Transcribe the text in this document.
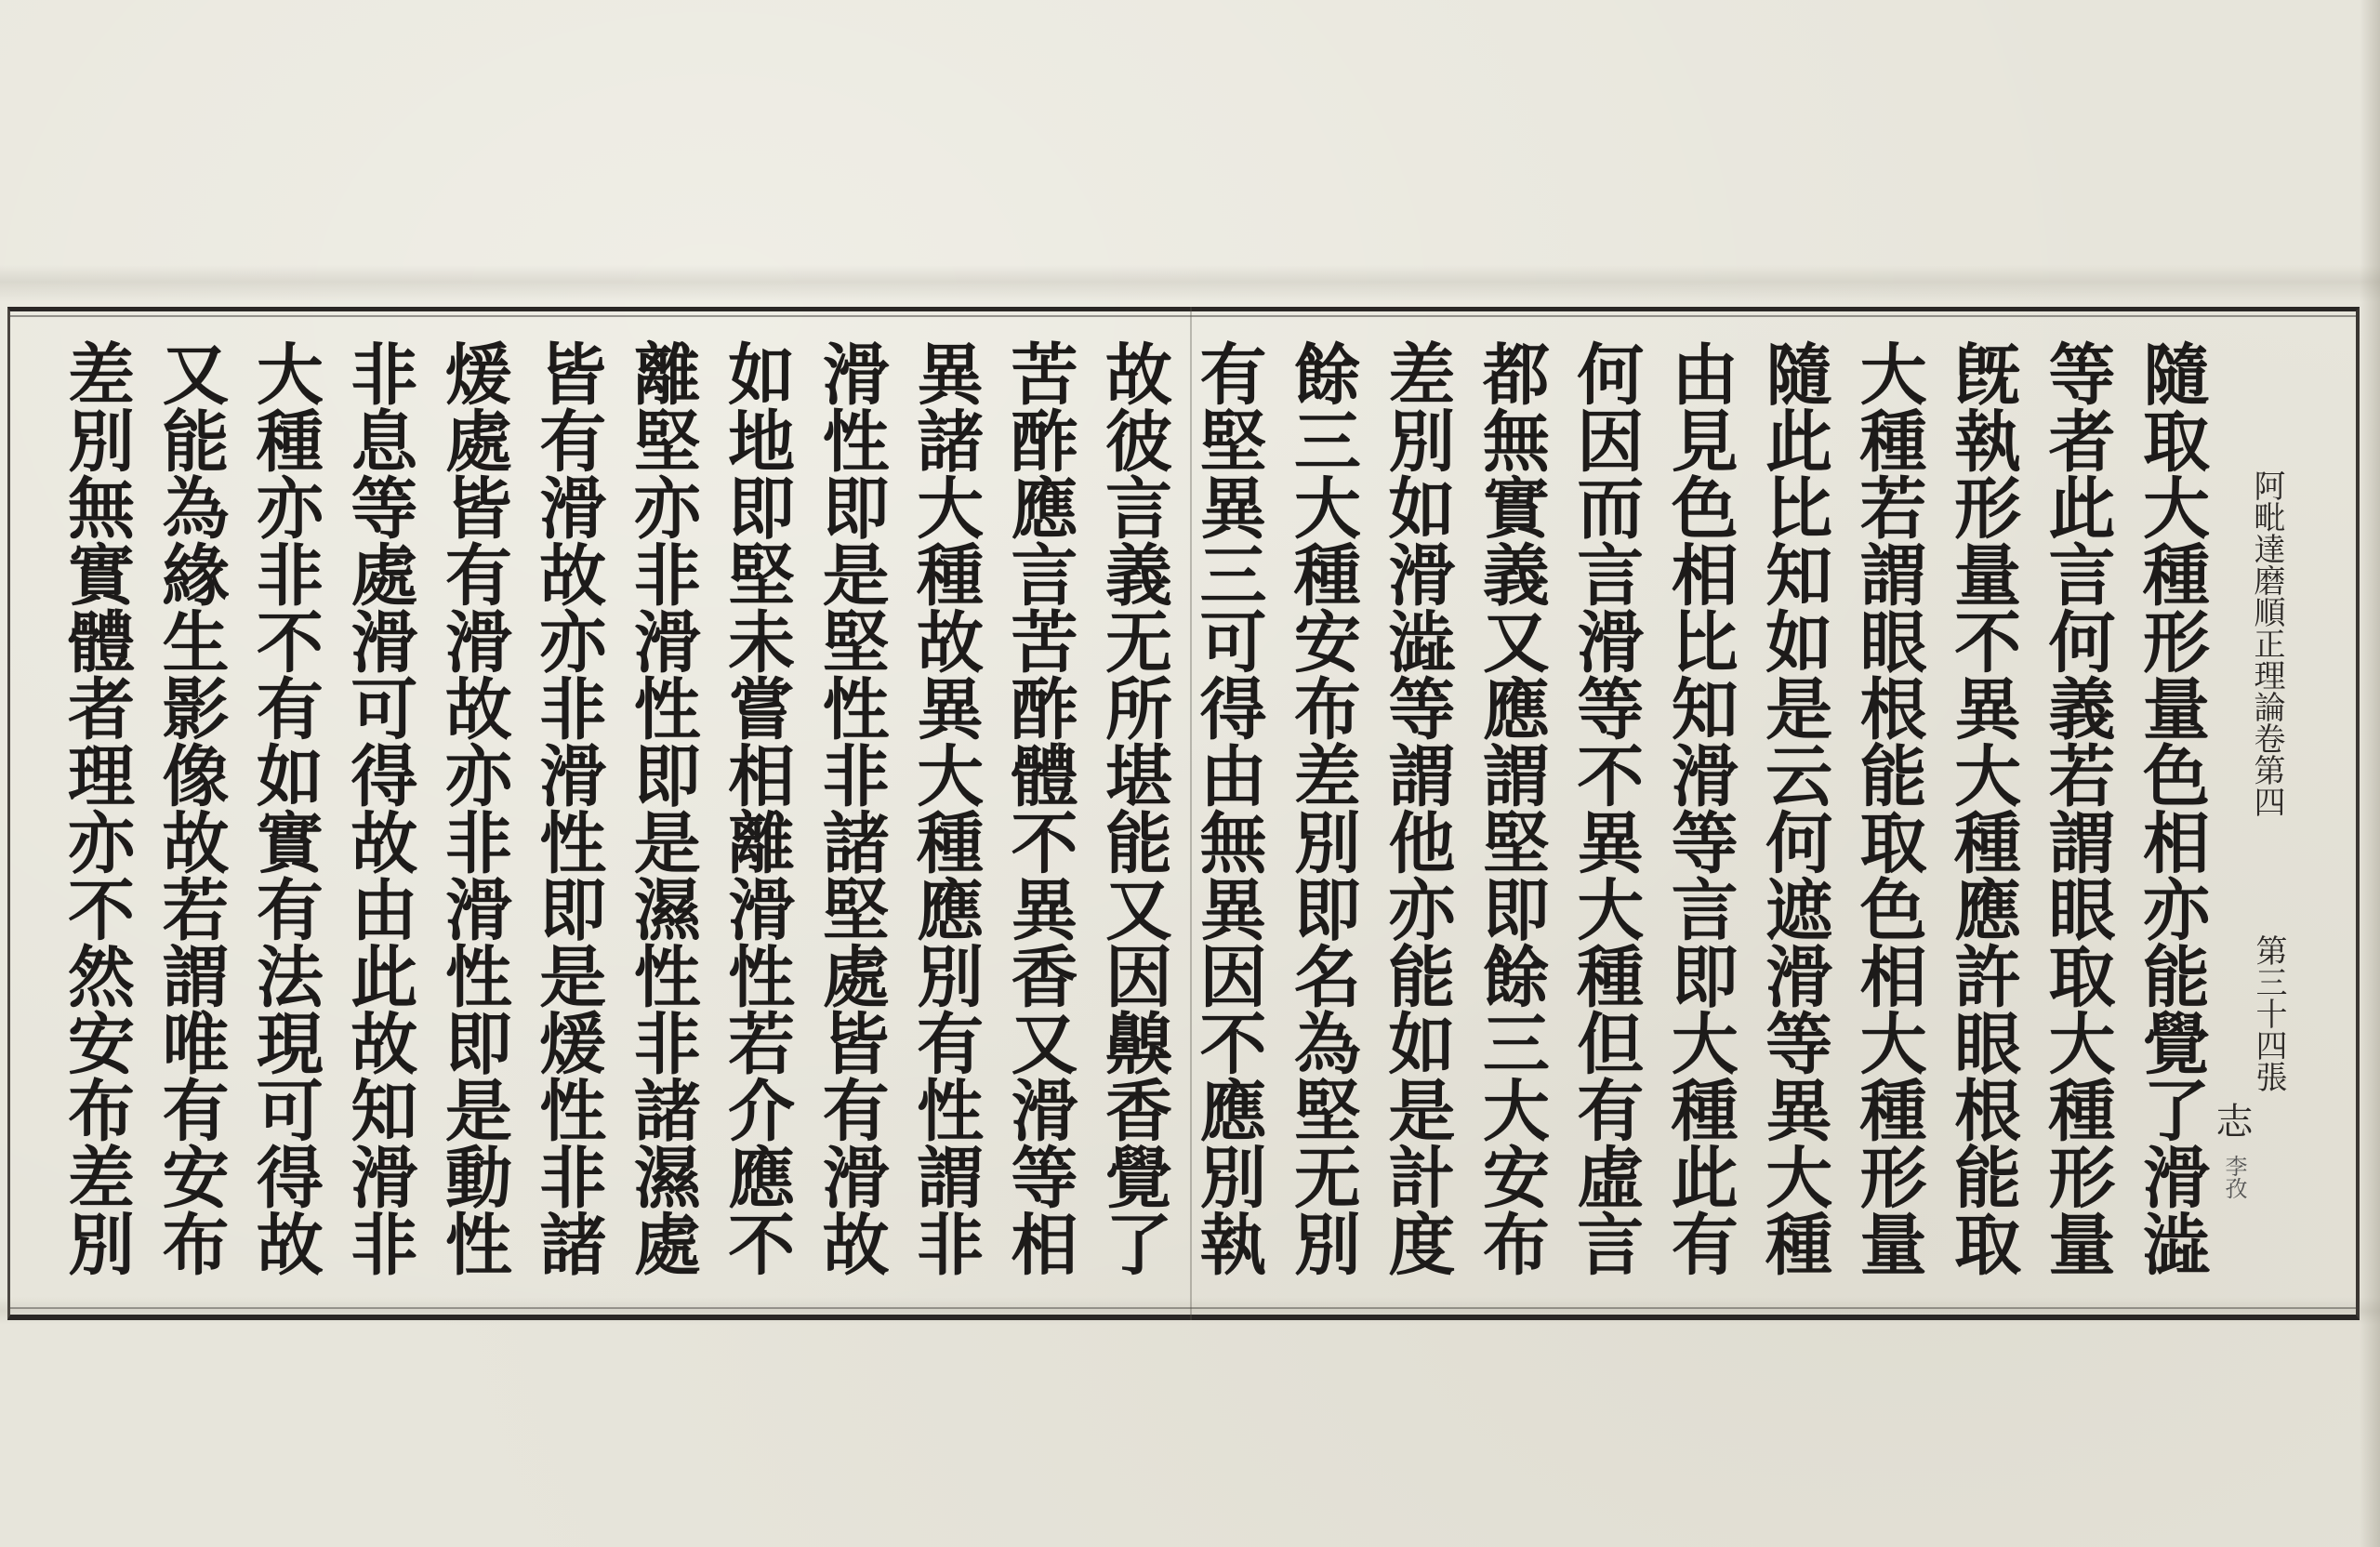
阿毗達磨順正理論卷第四
第三十四張
志
李孜
隨取大種形量色相亦能覺了滑澁
等者此言何義若謂眼取大種形量
旣執形量不異大種應許眼根能取
大種若謂眼根能取色相大種形量
隨此比知如是云何遮滑等異大種
由見色相比知滑等言即大種此有
何因而言滑等不異大種但有虛言
都無實義又應謂堅即餘三大安布
差別如滑澁等謂他亦能如是計度
餘三大種安布差別即名為堅无別
有堅異三可得由無異因不應別執
故彼言義无所堪能又因齅香覺了
苦酢應言苦酢體不異香又滑等相
異諸大種故異大種應別有性謂非
滑性即是堅性非諸堅處皆有滑故
如地即堅未嘗相離滑性若介應不
離堅亦非滑性即是濕性非諸濕處
皆有滑故亦非滑性即是煖性非諸
煖處皆有滑故亦非滑性即是動性
非息等處滑可得故由此故知滑非
大種亦非不有如實有法現可得故
又能為緣生影像故若謂唯有安布
差別無實體者理亦不然安布差別
